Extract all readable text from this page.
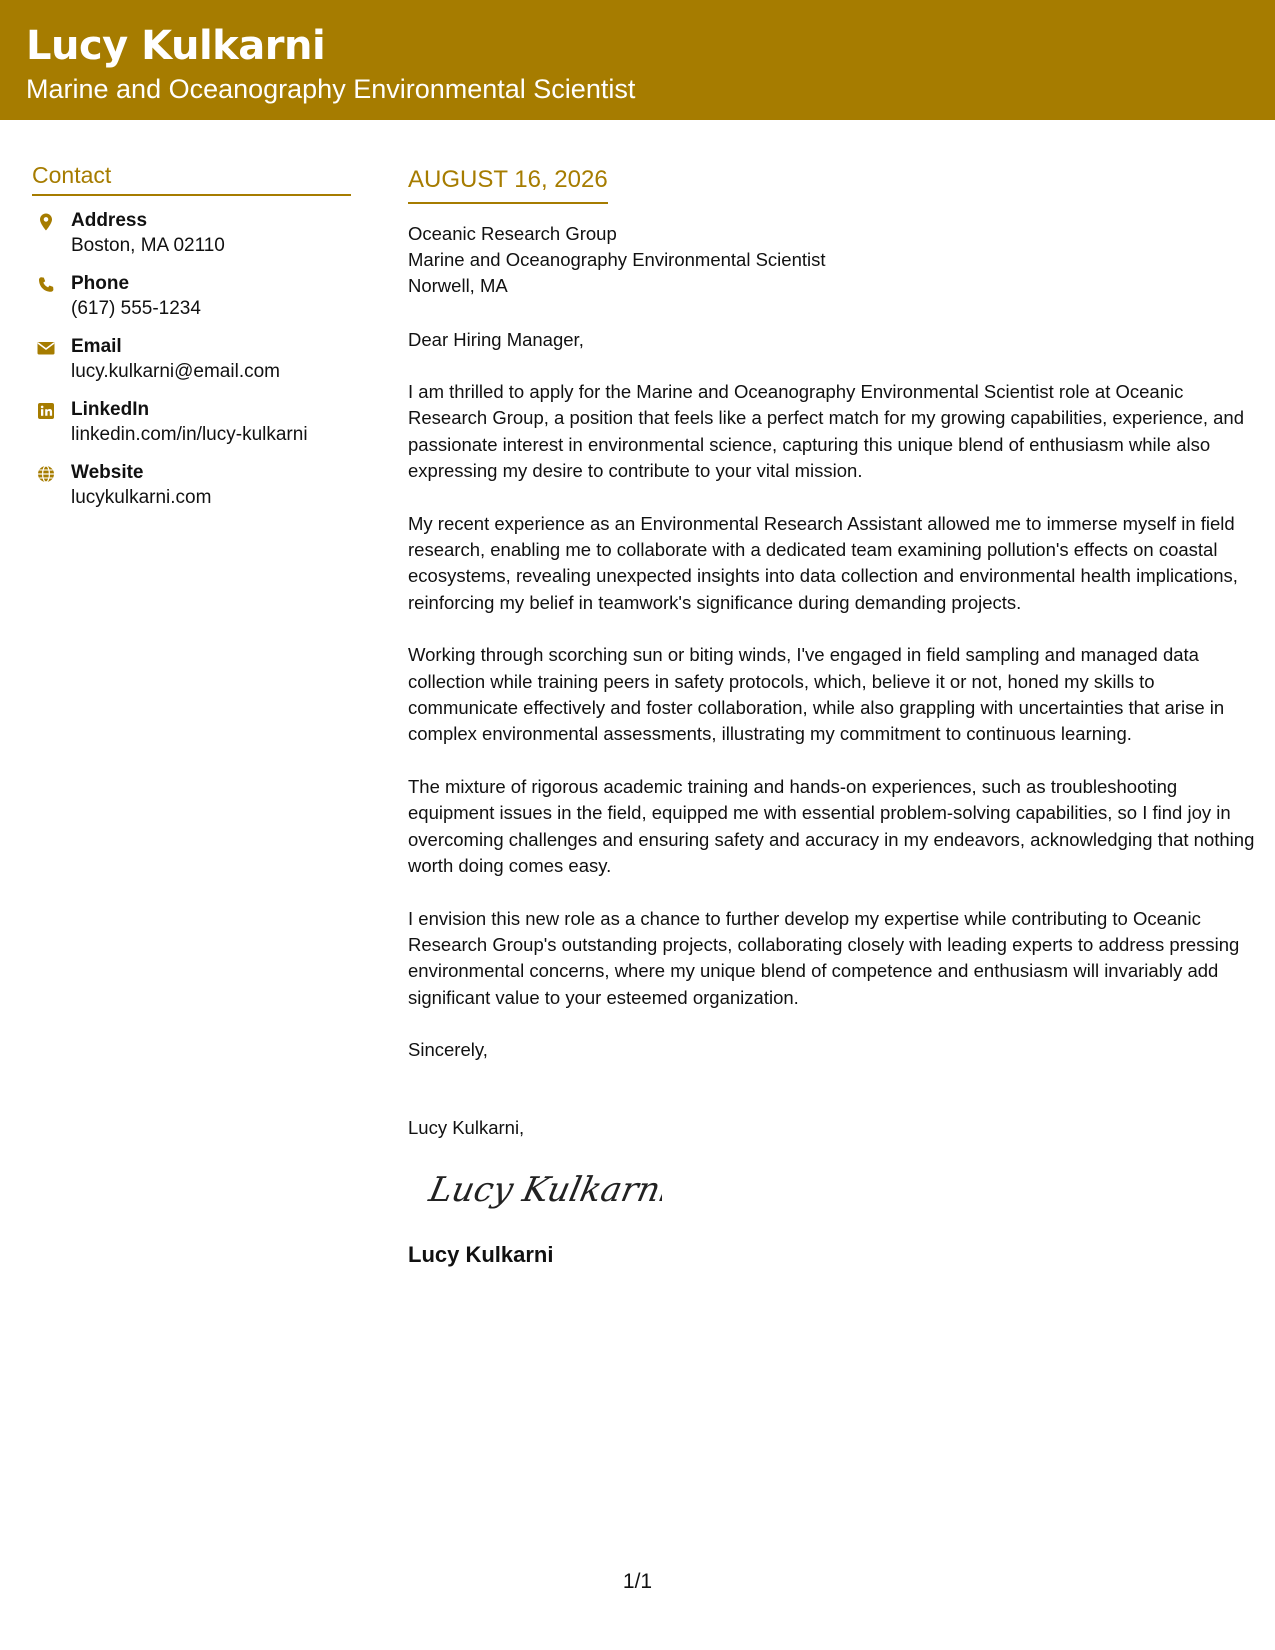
Lucy Kulkarni
Marine and Oceanography Environmental Scientist
Contact
Address
Boston, MA 02110
Phone
(617) 555-1234
Email
lucy.kulkarni@email.com
LinkedIn
linkedin.com/in/lucy-kulkarni
Website
lucykulkarni.com
AUGUST 16, 2026
Oceanic Research Group
Marine and Oceanography Environmental Scientist
Norwell, MA
Dear Hiring Manager,
I am thrilled to apply for the Marine and Oceanography Environmental Scientist role at Oceanic Research Group, a position that feels like a perfect match for my growing capabilities, experience, and passionate interest in environmental science, capturing this unique blend of enthusiasm while also expressing my desire to contribute to your vital mission.
My recent experience as an Environmental Research Assistant allowed me to immerse myself in field research, enabling me to collaborate with a dedicated team examining pollution's effects on coastal ecosystems, revealing unexpected insights into data collection and environmental health implications, reinforcing my belief in teamwork's significance during demanding projects.
Working through scorching sun or biting winds, I've engaged in field sampling and managed data collection while training peers in safety protocols, which, believe it or not, honed my skills to communicate effectively and foster collaboration, while also grappling with uncertainties that arise in complex environmental assessments, illustrating my commitment to continuous learning.
The mixture of rigorous academic training and hands-on experiences, such as troubleshooting equipment issues in the field, equipped me with essential problem-solving capabilities, so I find joy in overcoming challenges and ensuring safety and accuracy in my endeavors, acknowledging that nothing worth doing comes easy.
I envision this new role as a chance to further develop my expertise while contributing to Oceanic Research Group's outstanding projects, collaborating closely with leading experts to address pressing environmental concerns, where my unique blend of competence and enthusiasm will invariably add significant value to your esteemed organization.
Sincerely,
Lucy Kulkarni,
Lucy Kulkarni
Lucy Kulkarni
1/1
